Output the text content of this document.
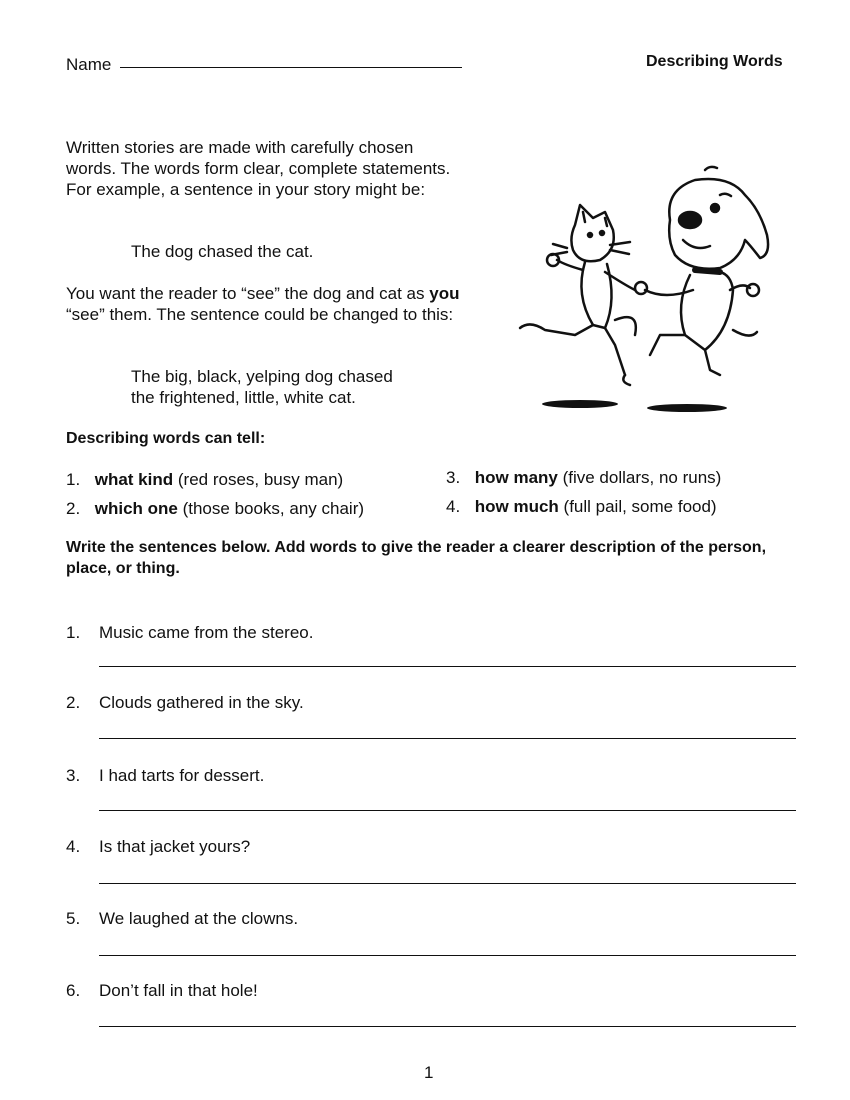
Name	Describing Words
Written stories are made with carefully chosen words. The words form clear, complete statements. For example, a sentence in your story might be:
The dog chased the cat.
You want the reader to “see” the dog and cat as you “see” them. The sentence could be changed to this:
The big, black, yelping dog chased
the frightened, little, white cat.
Describing words can tell:
1. what kind (red roses, busy man)
2. which one (those books, any chair)
3. how many (five dollars, no runs)
4. how much (full pail, some food)
Write the sentences below. Add words to give the reader a clearer description of the person, place, or thing.
1. Music came from the stereo.
2. Clouds gathered in the sky.
3. I had tarts for dessert.
4. Is that jacket yours?
5. We laughed at the clowns.
6. Don’t fall in that hole!
1
